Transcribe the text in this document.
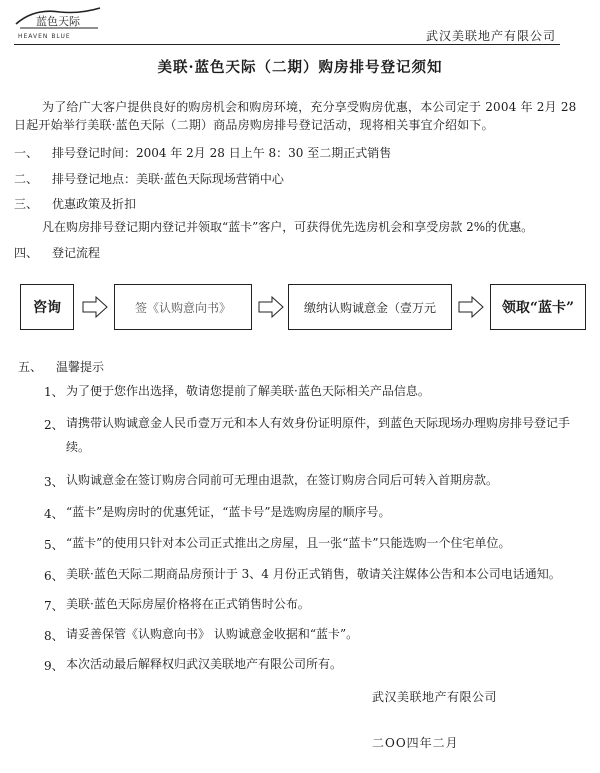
蓝色天际
HEAVEN BLUE	武汉美联地产有限公司
美联·蓝色天际（二期）购房排号登记须知
为了给广大客户提供良好的购房机会和购房环境，充分享受购房优惠，本公司定于 2004 年 2月 28 日起开始举行美联·蓝色天际（二期）商品房购房排号登记活动，现将相关事宜介绍如下。
一、 排号登记时间：2004 年 2月 28 日上午 8：30 至二期正式销售
二、 排号登记地点：美联·蓝色天际现场营销中心
三、 优惠政策及折扣
凡在购房排号登记期内登记并领取“蓝卡”客户，可获得优先选房机会和享受房款 2%的优惠。
四、 登记流程
咨询	签《认购意向书》	缴纳认购诚意金（壹万元	领取“蓝卡”
五、 温馨提示
1、 为了便于您作出选择，敬请您提前了解美联·蓝色天际相关产品信息。
2、 请携带认购诚意金人民币壹万元和本人有效身份证明原件，到蓝色天际现场办理购房排号登记手续。
3、 认购诚意金在签订购房合同前可无理由退款，在签订购房合同后可转入首期房款。
4、 “蓝卡”是购房时的优惠凭证，“蓝卡号”是选购房屋的顺序号。
5、 “蓝卡”的使用只针对本公司正式推出之房屋，且一张“蓝卡”只能选购一个住宅单位。
6、 美联·蓝色天际二期商品房预计于 3、4 月份正式销售，敬请关注媒体公告和本公司电话通知。
7、 美联·蓝色天际房屋价格将在正式销售时公布。
8、 请妥善保管《认购意向书》 认购诚意金收据和“蓝卡”。
9、 本次活动最后解释权归武汉美联地产有限公司所有。
武汉美联地产有限公司
二OO四年二月
